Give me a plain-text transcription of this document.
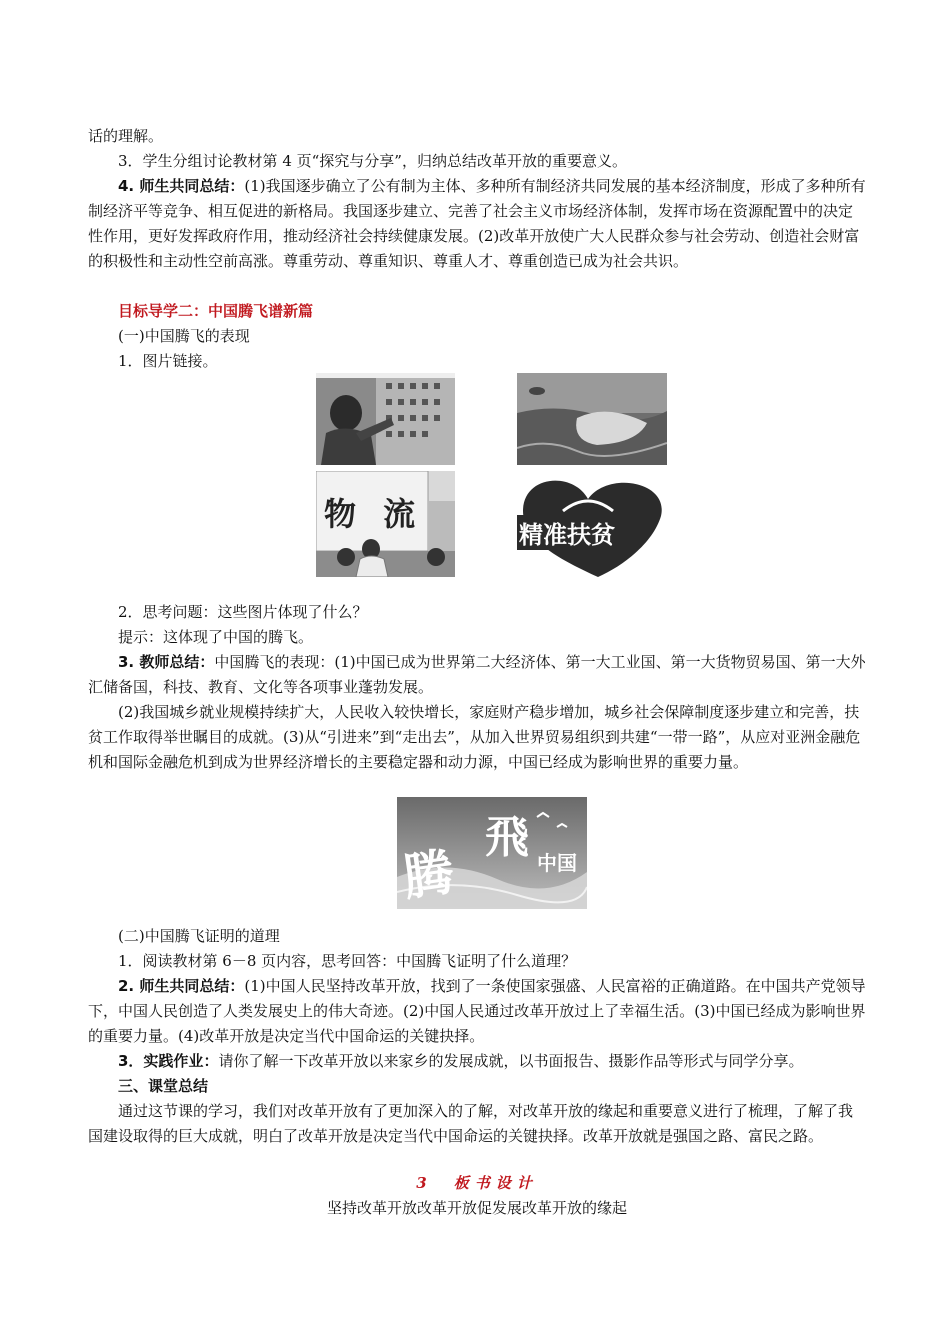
话的理解。

3．学生分组讨论教材第 4 页“探究与分享”，归纳总结改革开放的重要意义。

4. 师生共同总结：(1)我国逐步确立了公有制为主体、多种所有制经济共同发展的基本经济制度，形成了多种所有制经济平等竞争、相互促进的新格局。我国逐步建立、完善了社会主义市场经济体制，发挥市场在资源配置中的决定性作用，更好发挥政府作用，推动经济社会持续健康发展。(2)改革开放使广大人民群众参与社会劳动、创造社会财富的积极性和主动性空前高涨。尊重劳动、尊重知识、尊重人才、尊重创造已成为社会共识。

目标导学二：中国腾飞谱新篇

(一)中国腾飞的表现

1．图片链接。

物 流
精准扶贫

2．思考问题：这些图片体现了什么？

提示：这体现了中国的腾飞。

3. 教师总结：中国腾飞的表现：(1)中国已成为世界第二大经济体、第一大工业国、第一大货物贸易国、第一大外汇储备国，科技、教育、文化等各项事业蓬勃发展。

(2)我国城乡就业规模持续扩大，人民收入较快增长，家庭财产稳步增加，城乡社会保障制度逐步建立和完善，扶贫工作取得举世瞩目的成就。(3)从“引进来”到“走出去”，从加入世界贸易组织到共建“一带一路”，从应对亚洲金融危机和国际金融危机到成为世界经济增长的主要稳定器和动力源，中国已经成为影响世界的重要力量。

腾
飛 中国

(二)中国腾飞证明的道理

1．阅读教材第 6－8 页内容，思考回答：中国腾飞证明了什么道理？

2. 师生共同总结：(1)中国人民坚持改革开放，找到了一条使国家强盛、人民富裕的正确道路。在中国共产党领导下，中国人民创造了人类发展史上的伟大奇迹。(2)中国人民通过改革开放过上了幸福生活。(3)中国已经成为影响世界的重要力量。(4)改革开放是决定当代中国命运的关键抉择。

3．实践作业：请你了解一下改革开放以来家乡的发展成就，以书面报告、摄影作品等形式与同学分享。

三、课堂总结

通过这节课的学习，我们对改革开放有了更加深入的了解，对改革开放的缘起和重要意义进行了梳理，了解了我国建设取得的巨大成就，明白了改革开放是决定当代中国命运的关键抉择。改革开放就是强国之路、富民之路。

3　板书设计

坚持改革开放改革开放促发展改革开放的缘起
